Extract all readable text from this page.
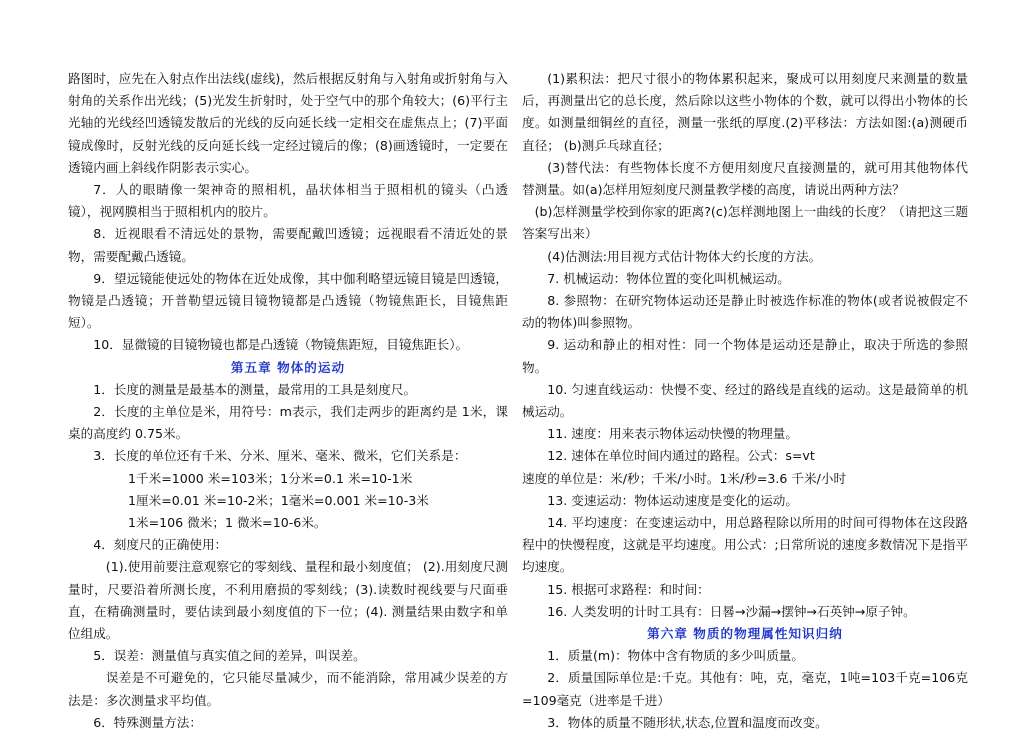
路图时，应先在入射点作出法线(虚线)，然后根据反射角与入射角或折射角与入射角的关系作出光线；(5)光发生折射时，处于空气中的那个角较大；(6)平行主光轴的光线经凹透镜发散后的光线的反向延长线一定相交在虚焦点上；(7)平面镜成像时，反射光线的反向延长线一定经过镜后的像；(8)画透镜时，一定要在透镜内画上斜线作阴影表示实心。

7．人的眼睛像一架神奇的照相机，晶状体相当于照相机的镜头（凸透镜），视网膜相当于照相机内的胶片。

8．近视眼看不清远处的景物，需要配戴凹透镜；远视眼看不清近处的景物，需要配戴凸透镜。

9．望远镜能使远处的物体在近处成像，其中伽利略望远镜目镜是凹透镜，物镜是凸透镜；开普勒望远镜目镜物镜都是凸透镜（物镜焦距长，目镜焦距短）。

10．显微镜的目镜物镜也都是凸透镜（物镜焦距短，目镜焦距长）。

第五章 物体的运动

1．长度的测量是最基本的测量，最常用的工具是刻度尺。

2．长度的主单位是米，用符号：m表示，我们走两步的距离约是 1米，课桌的高度约 0.75米。

3．长度的单位还有千米、分米、厘米、毫米、微米，它们关系是：

1千米=1000 米=103米；1分米=0.1 米=10-1米

1厘米=0.01 米=10-2米；1毫米=0.001 米=10-3米

1米=106 微米；1 微米=10-6米。

4．刻度尺的正确使用：

(1).使用前要注意观察它的零刻线、量程和最小刻度值； (2).用刻度尺测量时，尺要沿着所测长度，不利用磨损的零刻线；(3).读数时视线要与尺面垂直，在精确测量时，要估读到最小刻度值的下一位；(4). 测量结果由数字和单位组成。

5．误差：测量值与真实值之间的差异，叫误差。

误差是不可避免的，它只能尽量减少，而不能消除，常用减少误差的方法是：多次测量求平均值。

6．特殊测量方法：

(1)累积法：把尺寸很小的物体累积起来，聚成可以用刻度尺来测量的数量后，再测量出它的总长度，然后除以这些小物体的个数，就可以得出小物体的长度。如测量细铜丝的直径，测量一张纸的厚度.(2)平移法：方法如图:(a)测硬币直径； (b)测乒乓球直径；

(3)替代法：有些物体长度不方便用刻度尺直接测量的，就可用其他物体代替测量。如(a)怎样用短刻度尺测量教学楼的高度，请说出两种方法？

(b)怎样测量学校到你家的距离?(c)怎样测地图上一曲线的长度？（请把这三题答案写出来）

(4)估测法:用目视方式估计物体大约长度的方法。

7. 机械运动：物体位置的变化叫机械运动。

8. 参照物：在研究物体运动还是静止时被选作标准的物体(或者说被假定不动的物体)叫参照物。

9. 运动和静止的相对性：同一个物体是运动还是静止，取决于所选的参照物。

10. 匀速直线运动：快慢不变、经过的路线是直线的运动。这是最简单的机械运动。

11. 速度：用来表示物体运动快慢的物理量。

12. 速体在单位时间内通过的路程。公式：s=vt

速度的单位是：米/秒；千米/小时。1米/秒=3.6 千米/小时

13. 变速运动：物体运动速度是变化的运动。

14. 平均速度：在变速运动中，用总路程除以所用的时间可得物体在这段路程中的快慢程度，这就是平均速度。用公式：;日常所说的速度多数情况下是指平均速度。

15. 根据可求路程：和时间：

16. 人类发明的计时工具有：日晷→沙漏→摆钟→石英钟→原子钟。

第六章 物质的物理属性知识归纳

1．质量(m)：物体中含有物质的多少叫质量。

2．质量国际单位是:千克。其他有：吨，克，毫克，1吨=103千克=106克=109毫克（进率是千进）

3．物体的质量不随形状,状态,位置和温度而改变。
